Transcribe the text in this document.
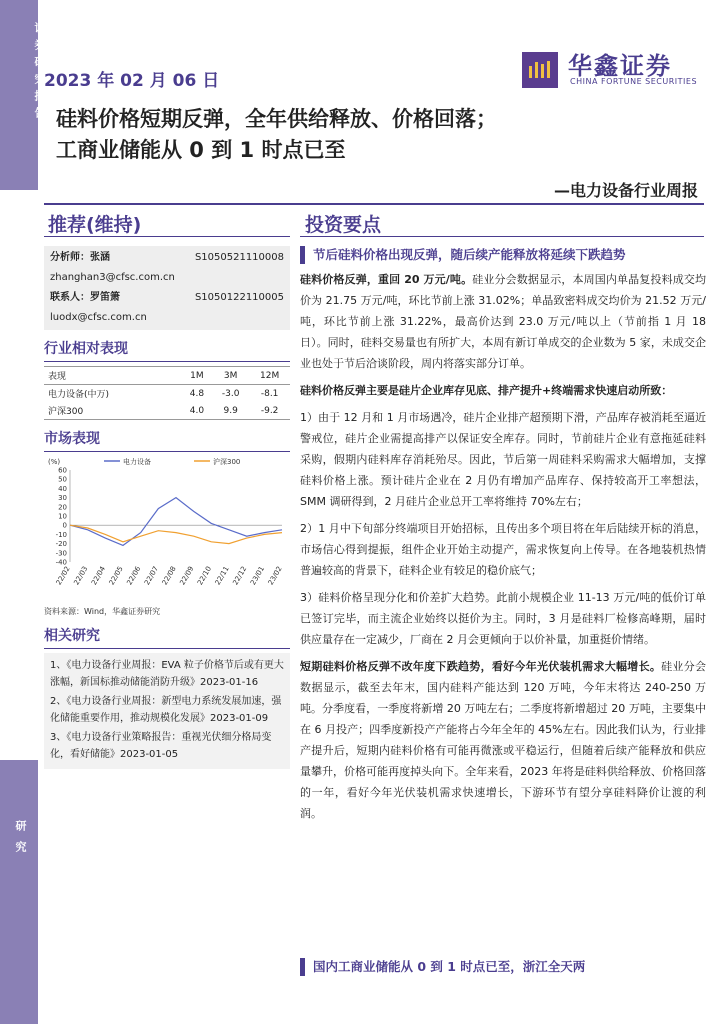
证券研究报告
研究
2023 年 02 月 06 日
华鑫证券
CHINA FORTUNE SECURITIES
硅料价格短期反弹，全年供给释放、价格回落；
工商业储能从 0 到 1 时点已至
—电力设备行业周报
推荐(维持)	投资要点
分析师：张涵	S1050521110008
zhanghan3@cfsc.com.cn
联系人：罗笛箫	S1050122110005
luodx@cfsc.com.cn
行业相对表现
表现	1M	3M	12M
电力设备(中万)	4.8	-3.0	-8.1
沪深300	4.0	9.9	-9.2
市场表现
(%)	电力设备	沪深300
60
50
40
30
20
10
0
-10
-20
-30
-40
22/02 22/03 22/04 22/05 22/06 22/07 22/08 22/09 22/10 22/11 22/12 23/01 23/02
资料来源：Wind，华鑫证券研究
相关研究
1、《电力设备行业周报：EVA 粒子价格节后或有更大涨幅，新国标推动储能消防升级》2023-01-16
2、《电力设备行业周报：新型电力系统发展加速，强化储能重要作用，推动规模化发展》2023-01-09
3、《电力设备行业策略报告：重视光伏细分格局变化，看好储能》2023-01-05
节后硅料价格出现反弹，随后续产能释放将延续下跌趋势
硅料价格反弹，重回 20 万元/吨。硅业分会数据显示，本周国内单晶复投料成交均价为 21.75 万元/吨，环比节前上涨 31.02%；单晶致密料成交均价为 21.52 万元/吨，环比节前上涨 31.22%，最高价达到 23.0 万元/吨以上（节前指 1 月 18 日）。同时，硅料交易量也有所扩大，本周有新订单成交的企业数为 5 家，未成交企业也处于节后洽谈阶段，周内将落实部分订单。
硅料价格反弹主要是硅片企业库存见底、排产提升+终端需求快速启动所致：
1）由于 12 月和 1 月市场遇冷，硅片企业排产超预期下滑，产品库存被消耗至逼近警戒位，硅片企业需提高排产以保证安全库存。同时，节前硅片企业有意拖延硅料采购，假期内硅料库存消耗殆尽。因此，节后第一周硅料采购需求大幅增加，支撑硅料价格上涨。预计硅片企业在 2 月仍有增加产品库存、保持较高开工率想法，SMM 调研得到，2 月硅片企业总开工率将维持 70%左右；
2）1 月中下旬部分终端项目开始招标，且传出多个项目将在年后陆续开标的消息，市场信心得到提振，组件企业开始主动提产，需求恢复向上传导。在各地装机热情普遍较高的背景下，硅料企业有较足的稳价底气；
3）硅料价格呈现分化和价差扩大趋势。此前小规模企业 11-13 万元/吨的低价订单已签订完毕，而主流企业始终以挺价为主。同时，3 月是硅料厂检修高峰期，届时供应量存在一定减少，厂商在 2 月会更倾向于以价补量，加重挺价情绪。
短期硅料价格反弹不改年度下跌趋势，看好今年光伏装机需求大幅增长。硅业分会数据显示，截至去年末，国内硅料产能达到 120 万吨，今年末将达 240-250 万吨。分季度看，一季度将新增 20 万吨左右；二季度将新增超过 20 万吨，主要集中在 6 月投产；四季度新投产产能将占今年全年的 45%左右。因此我们认为，行业排产提升后，短期内硅料价格有可能再微涨或平稳运行，但随着后续产能释放和供应量攀升，价格可能再度掉头向下。全年来看，2023 年将是硅料供给释放、价格回落的一年，看好今年光伏装机需求快速增长，下游环节有望分享硅料降价让渡的利润。
国内工商业储能从 0 到 1 时点已至，浙江全天两
